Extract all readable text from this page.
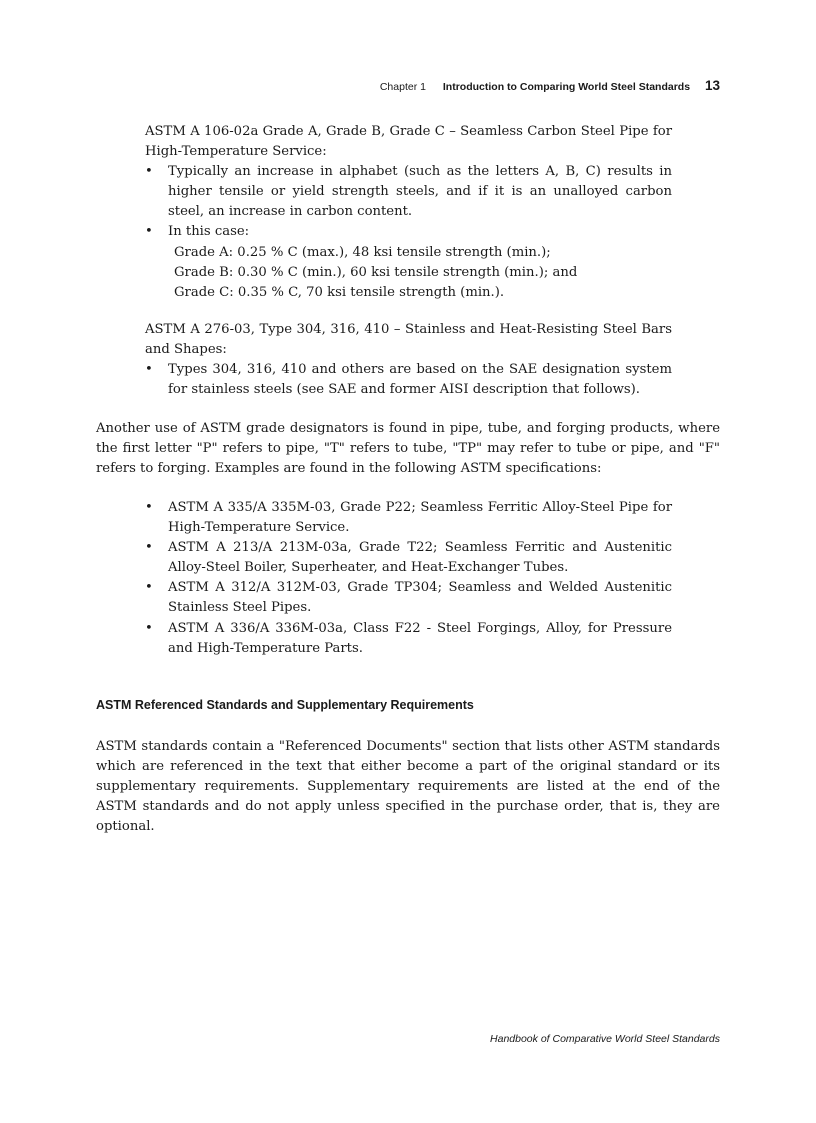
Chapter 1 Introduction to Comparing World Steel Standards 13
ASTM A 106-02a Grade A, Grade B, Grade C – Seamless Carbon Steel Pipe for High-Temperature Service:
• Typically an increase in alphabet (such as the letters A, B, C) results in higher tensile or yield strength steels, and if it is an unalloyed carbon steel, an increase in carbon content.
• In this case:
Grade A: 0.25 % C (max.), 48 ksi tensile strength (min.);
Grade B: 0.30 % C (min.), 60 ksi tensile strength (min.); and
Grade C: 0.35 % C, 70 ksi tensile strength (min.).
ASTM A 276-03, Type 304, 316, 410 – Stainless and Heat-Resisting Steel Bars and Shapes:
• Types 304, 316, 410 and others are based on the SAE designation system for stainless steels (see SAE and former AISI description that follows).
Another use of ASTM grade designators is found in pipe, tube, and forging products, where the first letter "P" refers to pipe, "T" refers to tube, "TP" may refer to tube or pipe, and "F" refers to forging. Examples are found in the following ASTM specifications:
• ASTM A 335/A 335M-03, Grade P22; Seamless Ferritic Alloy-Steel Pipe for High-Temperature Service.
• ASTM A 213/A 213M-03a, Grade T22; Seamless Ferritic and Austenitic Alloy-Steel Boiler, Superheater, and Heat-Exchanger Tubes.
• ASTM A 312/A 312M-03, Grade TP304; Seamless and Welded Austenitic Stainless Steel Pipes.
• ASTM A 336/A 336M-03a, Class F22 - Steel Forgings, Alloy, for Pressure and High-Temperature Parts.
ASTM Referenced Standards and Supplementary Requirements
ASTM standards contain a "Referenced Documents" section that lists other ASTM standards which are referenced in the text that either become a part of the original standard or its supplementary requirements. Supplementary requirements are listed at the end of the ASTM standards and do not apply unless specified in the purchase order, that is, they are optional.
Handbook of Comparative World Steel Standards
